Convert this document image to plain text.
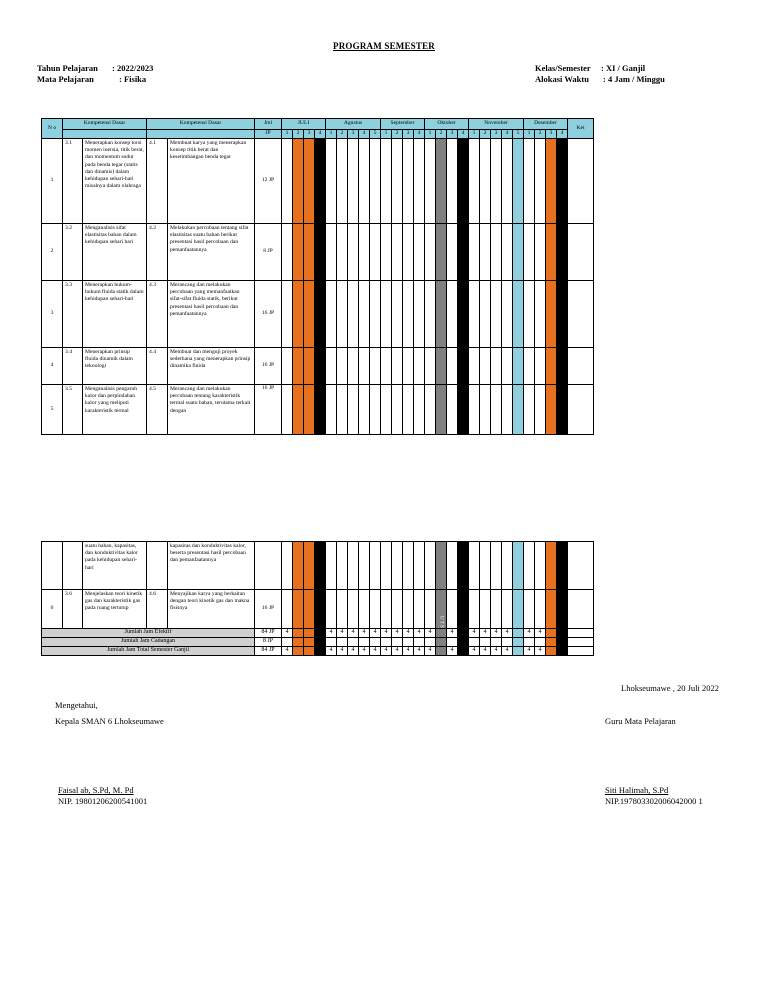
PROGRAM SEMESTER
Tahun Pelajaran : 2022/2023
Mata Pelajaran	: Fisika
Kelas/Semester : XI / Ganjil
Alokasi Waktu : 4 Jam / Minggu
N o	Kompetensi Dasar		Kompetensi Dasar		Jml	JULI				Agustus					September				Oktober				November					Desember				Ket
					JP	1	2	3	4	1	2	3	4	5	1	2	3	4	1	2	3	4	1	2	3	4	5	1	2	3	4	
1	3.1	Menerapkan konsep torsi momen inersia, titik berat, dan momentum sudut pada benda tegar (statis dan dinamis) dalam kehidupan sehari-hari misalnya dalam olahraga	4.1	Membuat karya yang menerapkan konsep titik berat dan kesetimbangan benda tegar	12 JP																											
2	3.2	Menganalisis sifat elastisitas bahan dalam kehidupan sehari hari	4.2	Melakukan percobaan tentang sifat elastisitas suatu bahan berikut presentasi hasil percobaan dan pemanfaatannya	8 JP																											
3	3.3	Menerapkan hukum-hukum fluida statik dalam kehidupan sehari-hari	4.3	Merancang dan melakukan percobaan yang memanfaatkan sifat-sifat fluida statik, berikut presentasi hasil percobaan dan pemanfaatannya	16 JP																											
4	3.4	Menerapkan prinsip fluida dinamik dalam teknologi	4.4	Membuat dan menguji proyek sederhana yang menerapkan prinsip dinamika fluida	16 JP																											
5	3.5	Menganalisis pengaruh kalor dan perpindahan kalor yang meliputi karakteristik termal	4.5	Merancang dan melakukan percobaan tentang karakteristik termal suatu bahan, terutama terkait dengan	16 JP																											
		suatu bahan, kapasitas, dan konduktivitas kalor pada kehidupan sehari-hari		kapasitas dan konduktivitas kalor, beserta presentasi hasil percobaan dan pemanfaatannya																												
6	3.6	Menjelaskan teori kinetik gas dan karakteristik gas pada ruang tertutup	4.6	Menyajikan karya yang berkaitan dengan teori kinetik gas dan makna fisisnya	16 JP															U T S												

Jumlah Jam Efektif					84 JP	4				4	4	4	4	4	4	4	4	4	4		4		4	4	4	4		4	4			
Jumlah Jam Cadangan					8 JP																											
Jumlah Jam Total Semester Ganjil					84 JP	4				4	4	4	4	4	4	4	4	4	4		4		4	4	4	4		4	4			
Lhokseumawe , 20 Juli 2022
Mengetahui,
Kepala SMAN 6 Lhokseumawe	Guru Mata Pelajaran
Faisal ab, S.Pd, M. Pd
NIP. 19801206200541001
Siti Halimah, S.Pd
NIP.197803302006042000 1
